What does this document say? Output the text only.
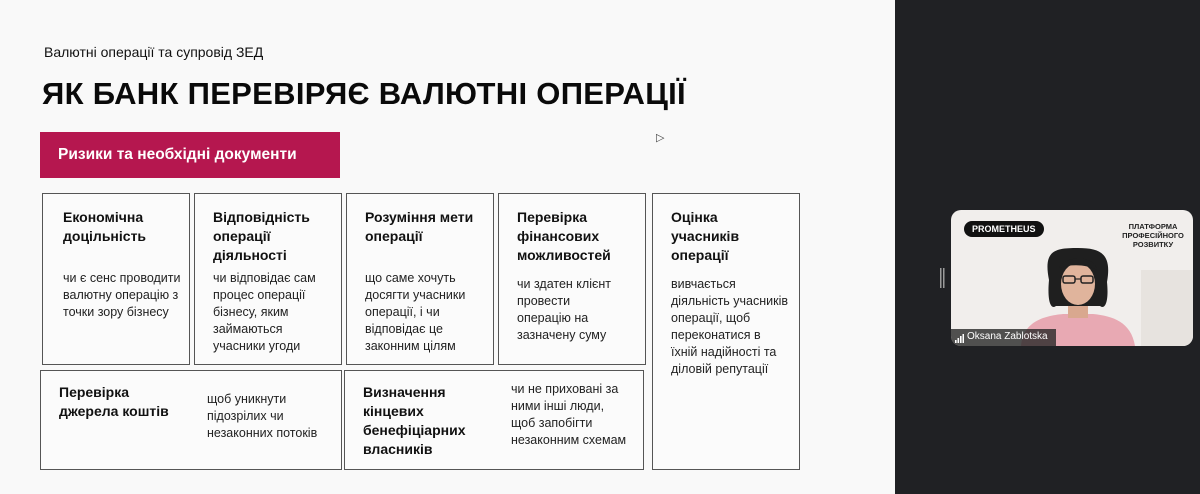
Валютні операції та супровід ЗЕД
ЯК БАНК ПЕРЕВІРЯЄ ВАЛЮТНІ ОПЕРАЦІЇ
Ризики та необхідні документи
Економічна доцільність
чи є сенс проводити валютну операцію з точки зору бізнесу
Відповідність операції діяльності
чи відповідає сам процес операції бізнесу, яким займаються учасники угоди
Розуміння мети операції
що саме хочуть досягти учасники операції, і чи відповідає це законним цілям
Перевірка фінансових можливостей
чи здатен клієнт провести операцію на зазначену суму
Оцінка учасників операції
вивчається діяльність учасників операції, щоб переконатися в їхній надійності та діловій репутації
Перевірка джерела коштів
щоб уникнути підозрілих чи незаконних потоків
Визначення кінцевих бенефіціарних власників
чи не приховані за ними інші люди, щоб запобігти незаконним схемам
▷
PROMETHEUS	ПЛАТФОРМА ПРОФЕСІЙНОГО РОЗВИТКУ
Oksana Zablotska
